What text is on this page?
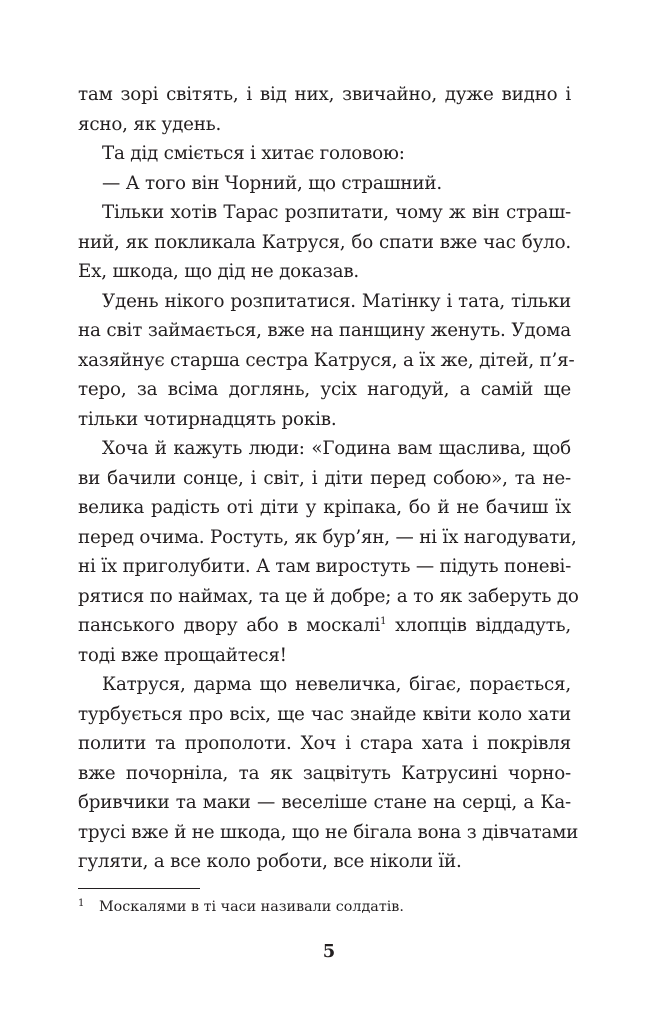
там зорі світять, і від них, звичайно, дуже видно і
ясно, як удень.
Та дід сміється і хитає головою:
— А того він Чорний, що страшний.
Тільки хотів Тарас розпитати, чому ж він страш-
ний, як покликала Катруся, бо спати вже час було.
Ех, шкода, що дід не доказав.
Удень нікого розпитатися. Матінку і тата, тільки
на світ займається, вже на панщину женуть. Удома
хазяйнує старша сестра Катруся, а їх же, дітей, п’я-
теро, за всіма доглянь, усіх нагодуй, а самій ще
тільки чотирнадцять років.
Хоча й кажуть люди: «Година вам щаслива, щоб
ви бачили сонце, і світ, і діти перед собою», та не-
велика радість оті діти у кріпака, бо й не бачиш їх
перед очима. Ростуть, як бур’ян, — ні їх нагодувати,
ні їх приголубити. А там виростуть — підуть поневі-
рятися по наймах, та це й добре; а то як заберуть до
панського двору або в москалі$^1$ хлопців віддадуть,
тоді вже прощайтеся!
Катруся, дарма що невеличка, бігає, порається,
турбується про всіх, ще час знайде квіти коло хати
полити та прополоти. Хоч і стара хата і покрівля
вже почорніла, та як зацвітуть Катрусині чорно-
бривчики та маки — веселіше стане на серці, а Ка-
трусі вже й не шкода, що не бігала вона з дівчатами
гуляти, а все коло роботи, все ніколи їй.
1 Москалями в ті часи називали солдатів.
5
